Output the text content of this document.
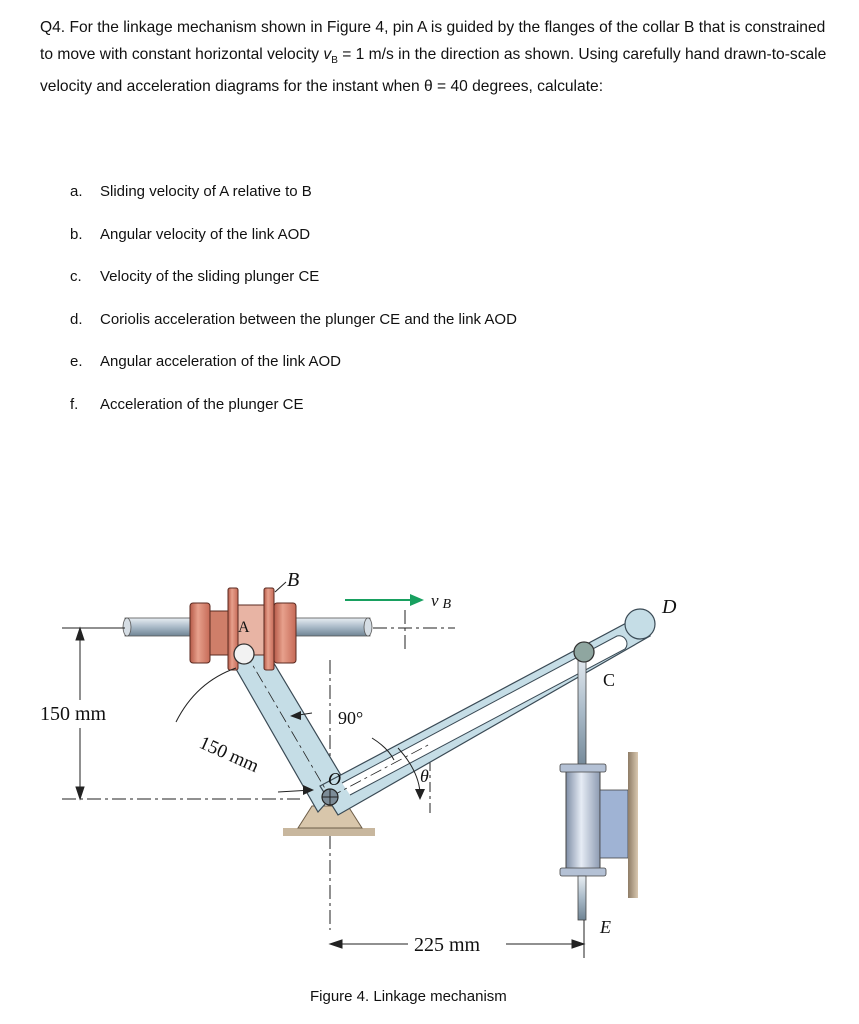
Q4. For the linkage mechanism shown in Figure 4, pin A is guided by the flanges of the collar B that is constrained to move with constant horizontal velocity $v_B = 1$ m/s in the direction as shown. Using carefully hand drawn-to-scale velocity and acceleration diagrams for the instant when θ = 40 degrees, calculate:
a.	Sliding velocity of A relative to B
b.	Angular velocity of the link AOD
c.	Velocity of the sliding plunger CE
d.	Coriolis acceleration between the plunger CE and the link AOD
e.	Angular acceleration of the link AOD
f.	Acceleration of the plunger CE
B
v B
A
D
C
O	θ
E
150 mm
150 mm
90°
225 mm
Figure 4. Linkage mechanism
